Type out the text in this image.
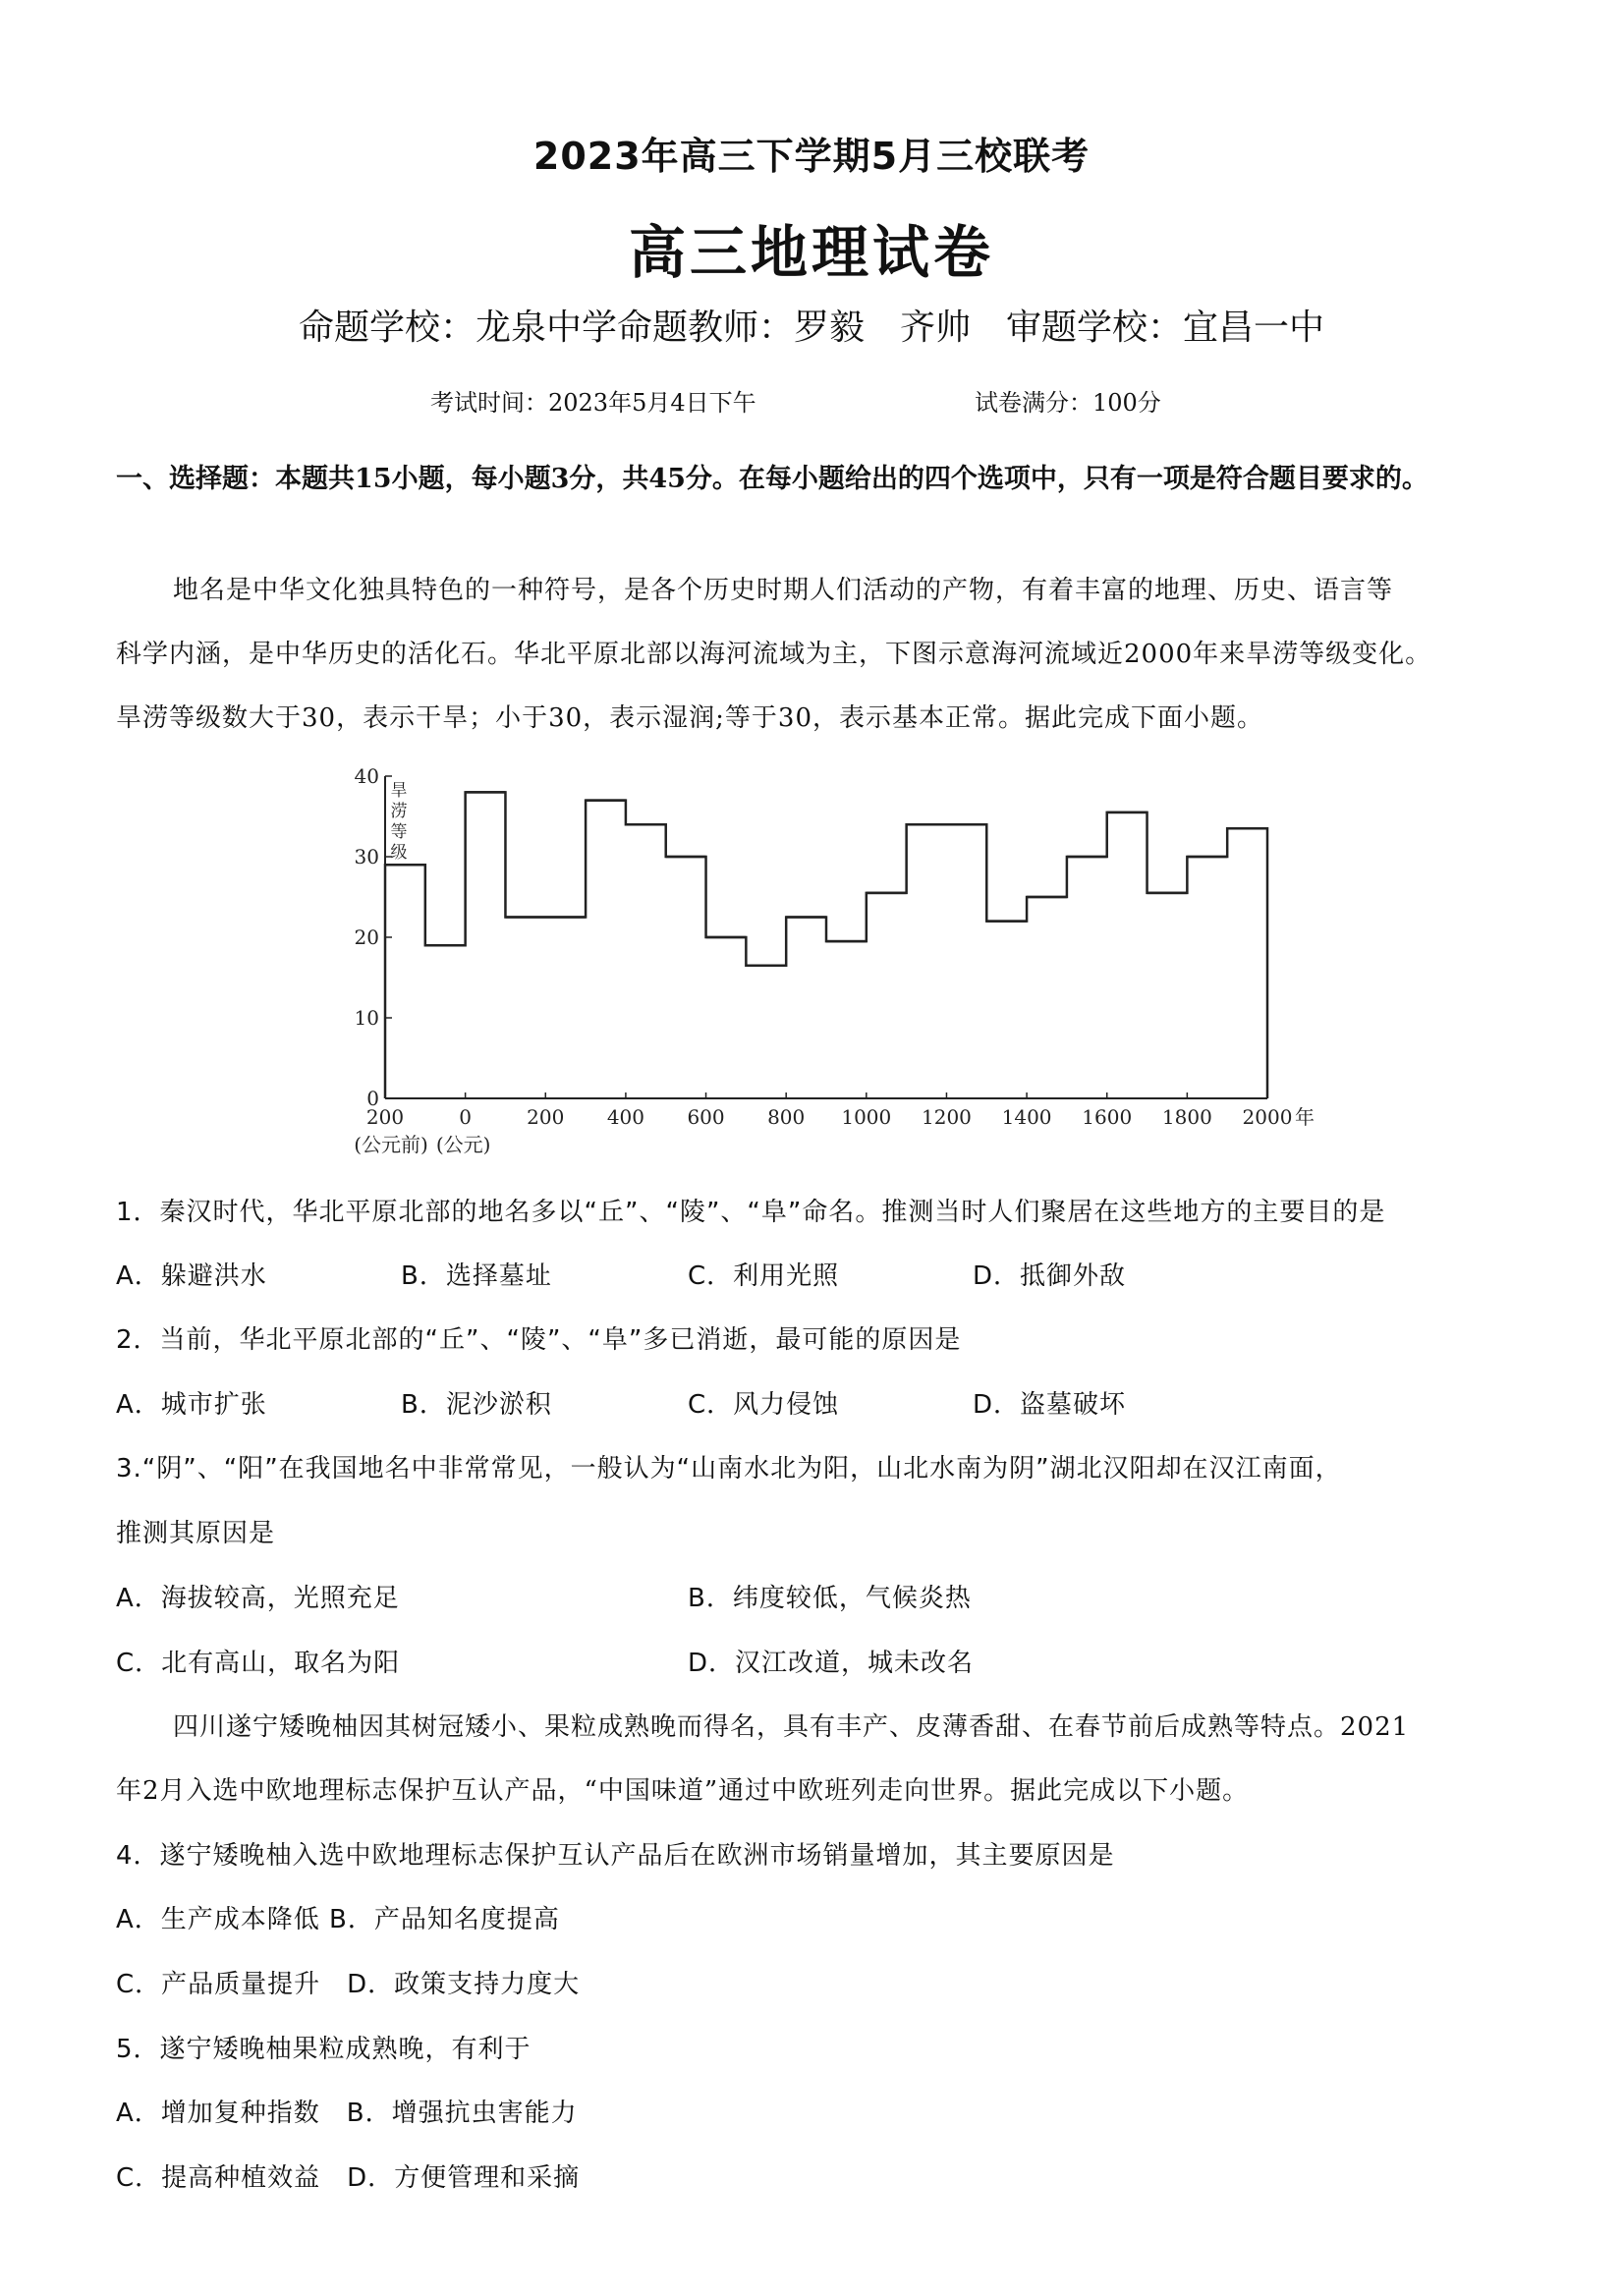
2023年高三下学期5月三校联考
高三地理试卷
命题学校：龙泉中学命题教师：罗毅　齐帅　审题学校：宜昌一中
考试时间：2023年5月4日下午	试卷满分：100分
一、选择题：本题共15小题，每小题3分，共45分。在每小题给出的四个选项中，只有一项是符合题目要求的。
地名是中华文化独具特色的一种符号，是各个历史时期人们活动的产物，有着丰富的地理、历史、语言等
科学内涵，是中华历史的活化石。华北平原北部以海河流域为主，下图示意海河流域近2000年来旱涝等级变化。
旱涝等级数大于30，表示干旱；小于30，表示湿润;等于30，表示基本正常。据此完成下面小题。
0
10
20
30
40
200	0	200 400 600 800 1000 1200 1400 1600 1800 2000 年
(公元前) (公元)
旱
涝
等
级
1．秦汉时代，华北平原北部的地名多以“丘”、“陵”、“阜”命名。推测当时人们聚居在这些地方的主要目的是
A．躲避洪水	B．选择墓址	C．利用光照	D．抵御外敌
2．当前，华北平原北部的“丘”、“陵”、“阜”多已消逝，最可能的原因是
A．城市扩张	B．泥沙淤积	C．风力侵蚀	D．盗墓破坏
3.“阴”、“阳”在我国地名中非常常见，一般认为“山南水北为阳，山北水南为阴”湖北汉阳却在汉江南面，
推测其原因是
A．海拔较高，光照充足	B．纬度较低，气候炎热
C．北有高山，取名为阳	D．汉江改道，城未改名
四川遂宁矮晚柚因其树冠矮小、果粒成熟晚而得名，具有丰产、皮薄香甜、在春节前后成熟等特点。2021
年2月入选中欧地理标志保护互认产品，“中国味道”通过中欧班列走向世界。据此完成以下小题。
4．遂宁矮晚柚入选中欧地理标志保护互认产品后在欧洲市场销量增加，其主要原因是
A．生产成本降低 B．产品知名度提高
C．产品质量提升　D．政策支持力度大
5．遂宁矮晚柚果粒成熟晚，有利于
A．增加复种指数　B．增强抗虫害能力
C．提高种植效益　D．方便管理和采摘
